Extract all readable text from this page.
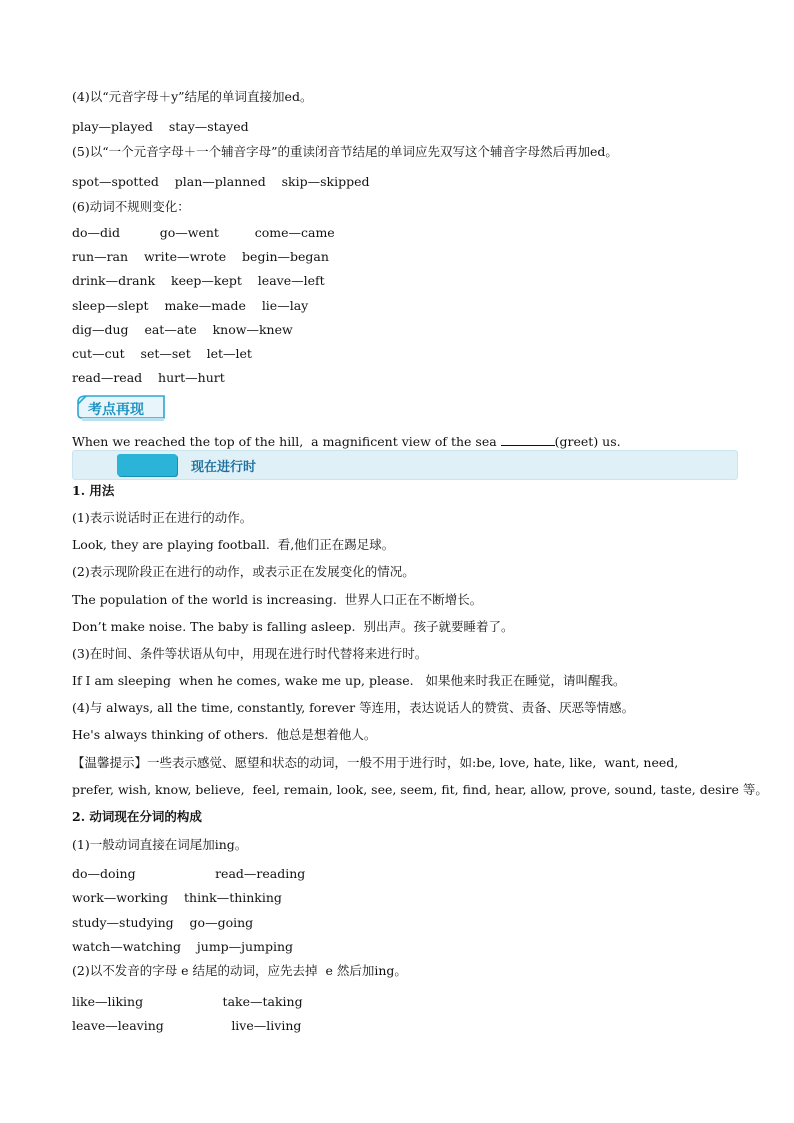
(4)以“元音字母＋y”结尾的单词直接加ed。
play—played    stay—stayed
(5)以“一个元音字母＋一个辅音字母”的重读闭音节结尾的单词应先双写这个辅音字母然后再加ed。
spot—spotted    plan—planned    skip—skipped
(6)动词不规则变化：
do—did          go—went         come—came
run—ran    write—wrote    begin—began
drink—drank    keep—kept    leave—left
sleep—slept    make—made    lie—lay
dig—dug    eat—ate    know—knew
cut—cut    set—set    let—let
read—read    hurt—hurt
考点再现
When we reached the top of the hill,  a magnificent view of the sea	(greet) us.
现在进行时
1. 用法
(1)表示说话时正在进行的动作。
Look, they are playing football.  看,他们正在踢足球。
(2)表示现阶段正在进行的动作，或表示正在发展变化的情况。
The population of the world is increasing.  世界人口正在不断增长。
Don’t make noise. The baby is falling asleep.  别出声。孩子就要睡着了。
(3)在时间、条件等状语从句中，用现在进行时代替将来进行时。
If I am sleeping  when he comes, wake me up, please.   如果他来时我正在睡觉，请叫醒我。
(4)与 always, all the time, constantly, forever 等连用，表达说话人的赞赏、责备、厌恶等情感。
He's always thinking of others.  他总是想着他人。
【温馨提示】一些表示感觉、愿望和状态的动词，一般不用于进行时，如:be, love, hate, like,  want, need,
prefer, wish, know, believe,  feel, remain, look, see, seem, fit, find, hear, allow, prove, sound, taste, desire 等。
2. 动词现在分词的构成
(1)一般动词直接在词尾加ing。
do—doing                    read—reading
work—working    think—thinking
study—studying    go—going
watch—watching    jump—jumping
(2)以不发音的字母 e 结尾的动词，应先去掉  e 然后加ing。
like—liking                    take—taking
leave—leaving                 live—living
